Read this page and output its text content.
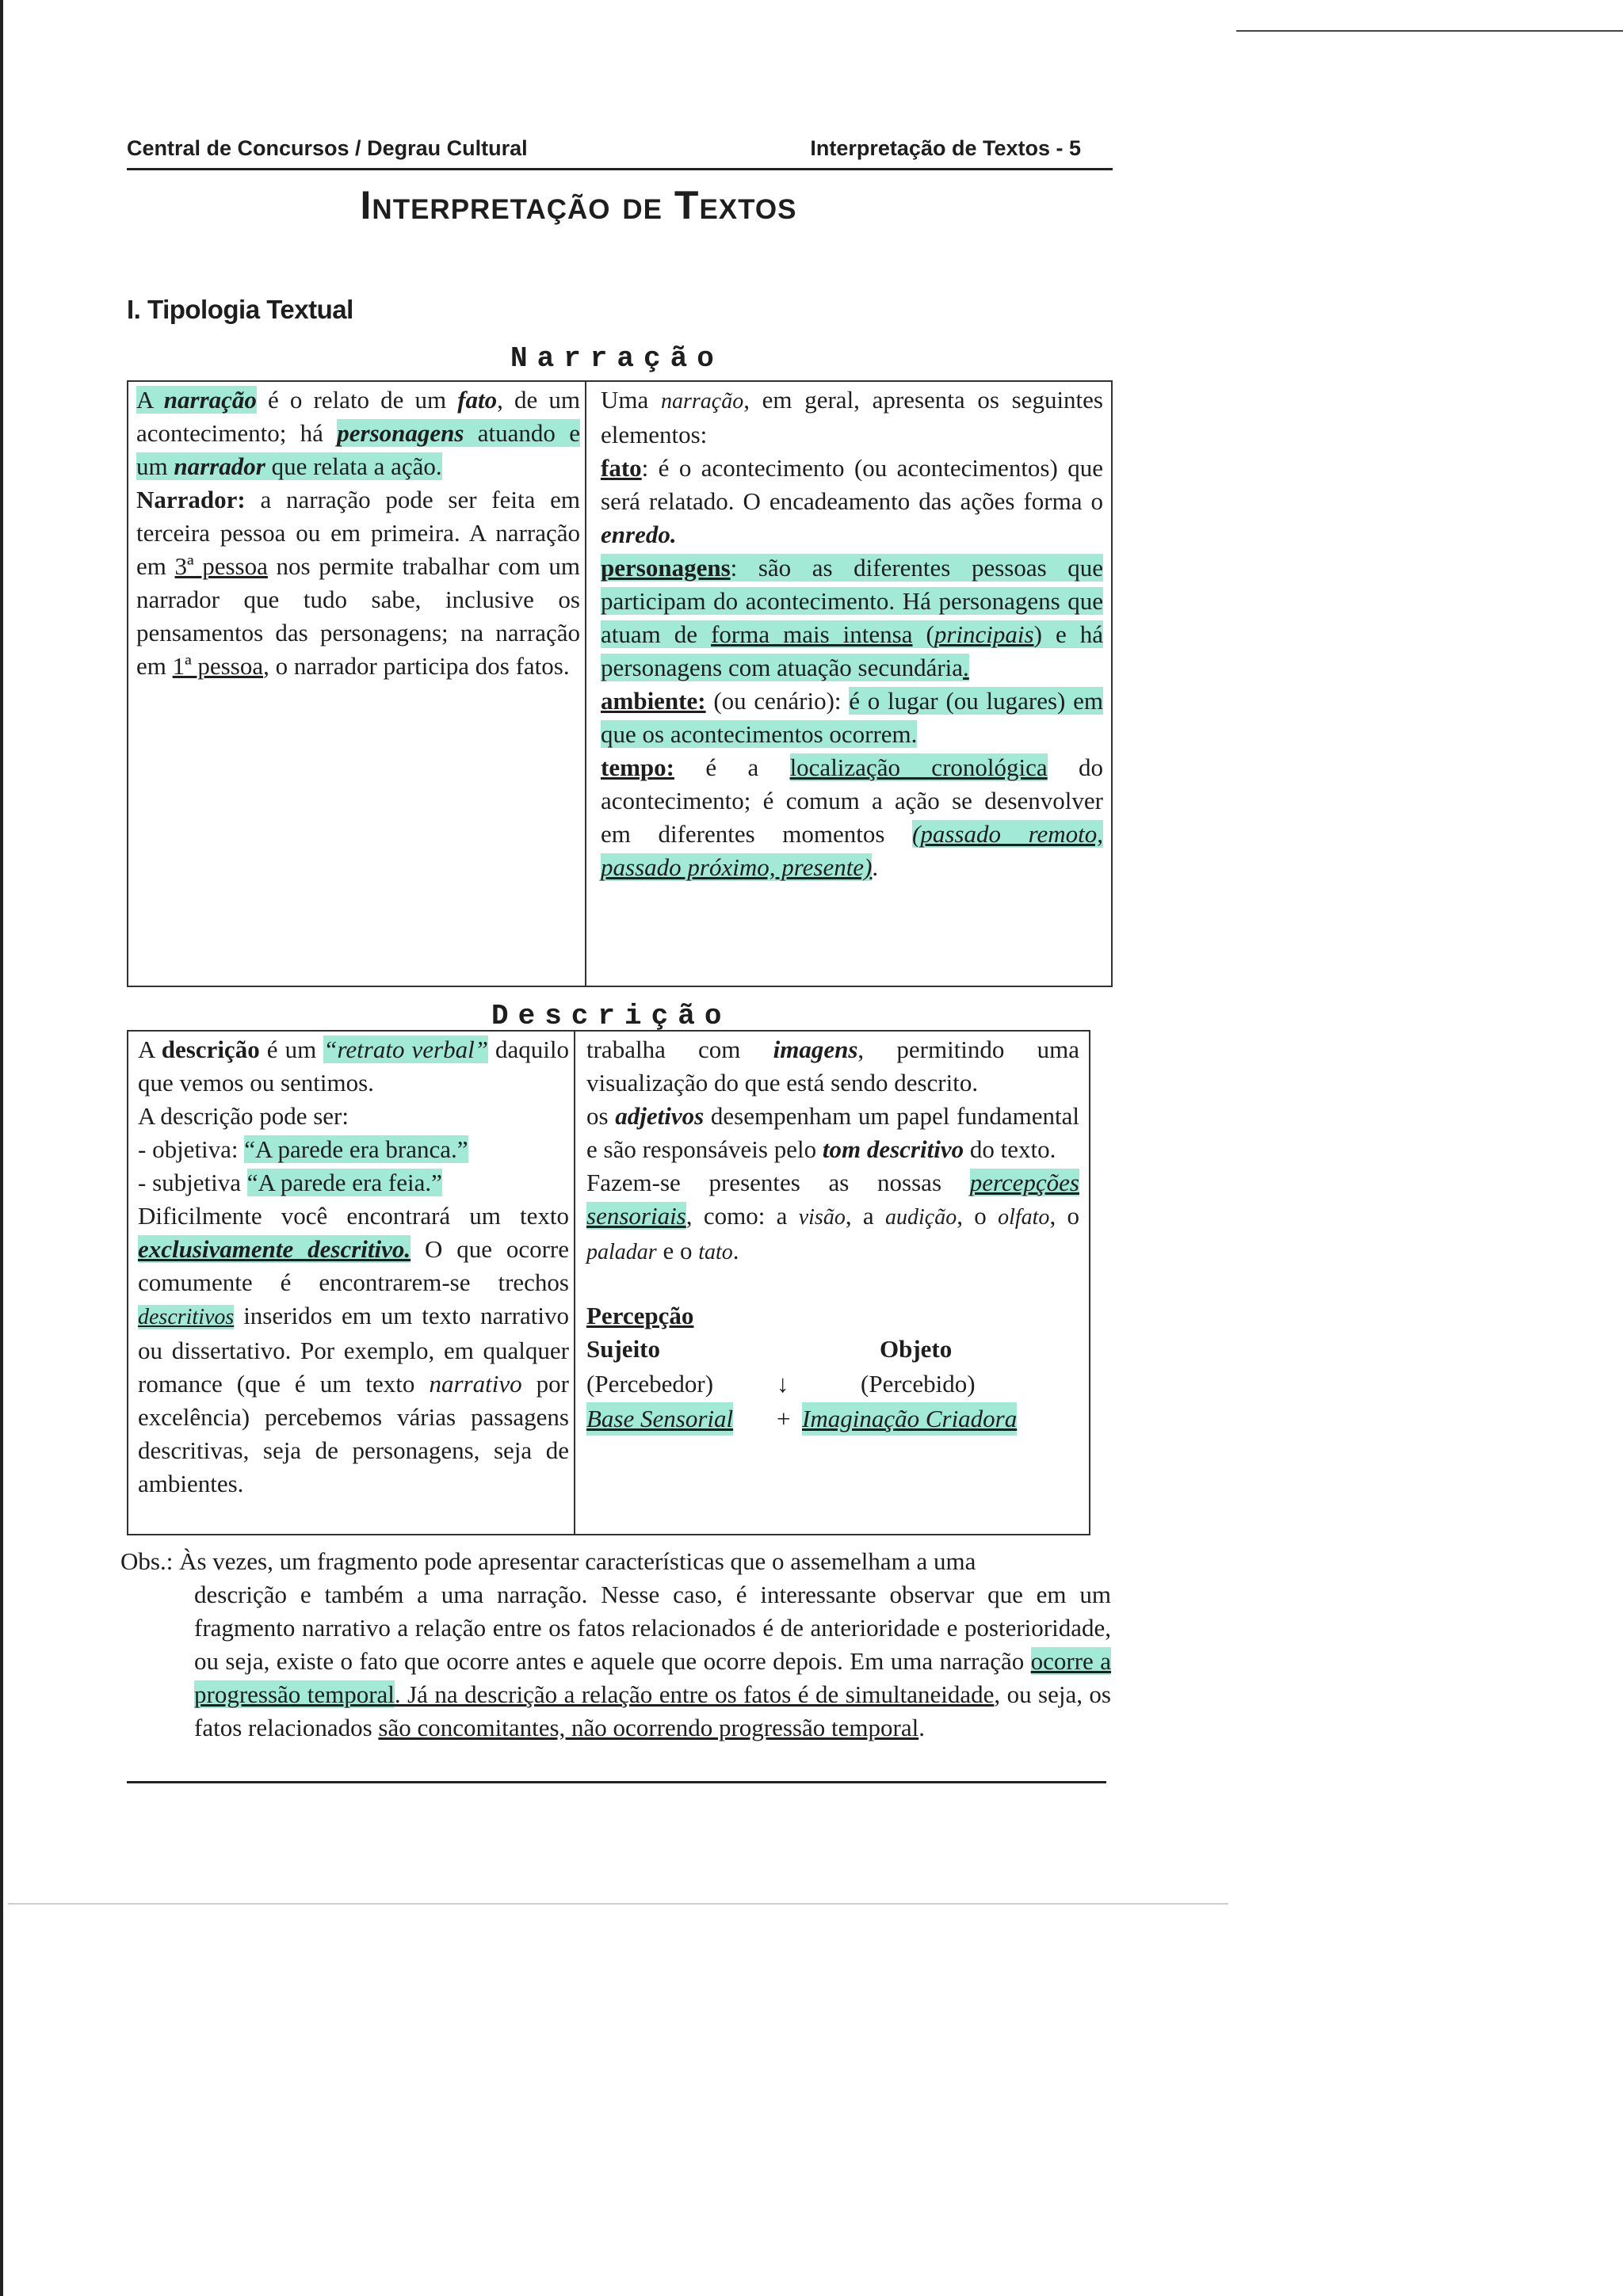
Central de Concursos / Degrau Cultural	Interpretação de Textos - 5
Interpretação de Textos
I. Tipologia Textual
Narração

A narração é o relato de um fato, de um acontecimento; há personagens atuando e um narrador que relata a ação.

Narrador: a narração pode ser feita em terceira pessoa ou em primeira. A narração em 3ª pessoa nos permite trabalhar com um narrador que tudo sabe, inclusive os pensamentos das personagens; na narração em 1ª pessoa, o narrador participa dos fatos.

Uma narração, em geral, apresenta os seguintes elementos:

fato: é o acontecimento (ou acontecimentos) que será relatado. O encadeamento das ações forma o enredo.

personagens: são as diferentes pessoas que participam do acontecimento. Há personagens que atuam de forma mais intensa (principais) e há personagens com atuação secundária.

ambiente: (ou cenário): é o lugar (ou lugares) em que os acontecimentos ocorrem.

tempo: é a localização cronológica do acontecimento; é comum a ação se desenvolver em diferentes momentos (passado remoto, passado próximo, presente).

Descrição

A descrição é um “retrato verbal” daquilo que vemos ou sentimos.

A descrição pode ser:

- objetiva: “A parede era branca.”

- subjetiva “A parede era feia.”

Dificilmente você encontrará um texto exclusivamente descritivo. O que ocorre comumente é encontrarem-se trechos descritivos inseridos em um texto narrativo ou dissertativo. Por exemplo, em qualquer romance (que é um texto narrativo por excelência) percebemos várias passagens descritivas, seja de personagens, seja de ambientes.

trabalha com imagens, permitindo uma visualização do que está sendo descrito.

os adjetivos desempenham um papel fundamental e são responsáveis pelo tom descritivo do texto.

Fazem-se presentes as nossas percepções sensoriais, como: a visão, a audição, o olfato, o paladar e o tato.

Percepção

Sujeito	Objeto
(Percebedor)	↓	(Percebido)
Base Sensorial + Imaginação Criadora
Obs.: Às vezes, um fragmento pode apresentar características que o assemelham a uma
descrição e também a uma narração. Nesse caso, é interessante observar que em um fragmento narrativo a relação entre os fatos relacionados é de anterioridade e posterioridade, ou seja, existe o fato que ocorre antes e aquele que ocorre depois. Em uma narração ocorre a progressão temporal. Já na descrição a relação entre os fatos é de simultaneidade, ou seja, os fatos relacionados são concomitantes, não ocorrendo progressão temporal.
